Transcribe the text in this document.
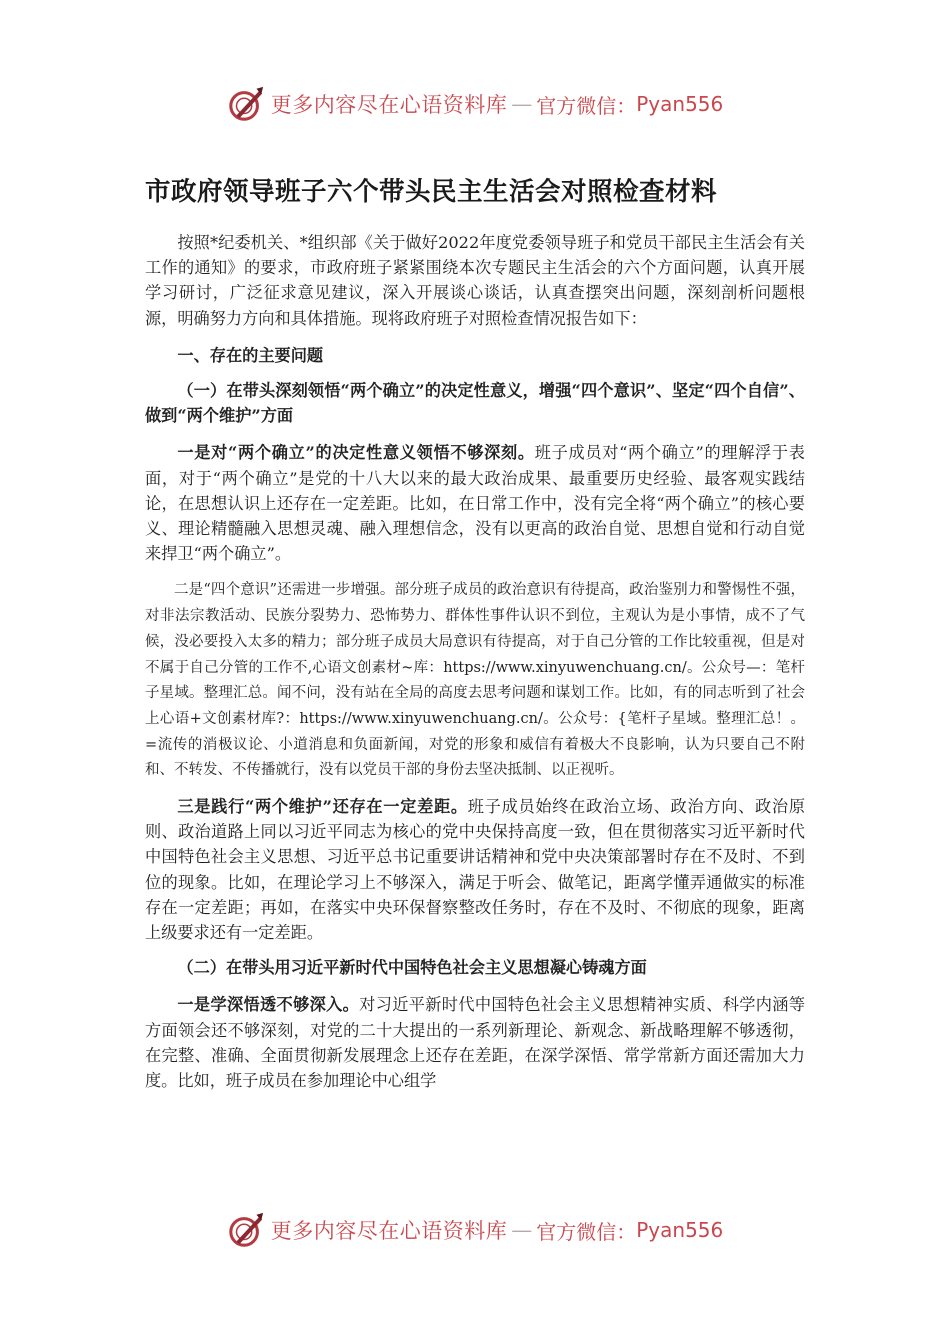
更多内容尽在心语资料库 — 官方微信： Pyan556
市政府领导班子六个带头民主生活会对照检查材料

按照*纪委机关、*组织部《关于做好2022年度党委领导班子和党员干部民主生活会有关工作的通知》的要求，市政府班子紧紧围绕本次专题民主生活会的六个方面问题，认真开展学习研讨，广泛征求意见建议，深入开展谈心谈话，认真查摆突出问题，深刻剖析问题根源，明确努力方向和具体措施。现将政府班子对照检查情况报告如下：

一、存在的主要问题

（一）在带头深刻领悟“两个确立”的决定性意义，增强“四个意识”、坚定“四个自信”、做到“两个维护”方面

一是对“两个确立”的决定性意义领悟不够深刻。班子成员对“两个确立”的理解浮于表面，对于“两个确立”是党的十八大以来的最大政治成果、最重要历史经验、最客观实践结论，在思想认识上还存在一定差距。比如，在日常工作中，没有完全将“两个确立”的核心要义、理论精髓融入思想灵魂、融入理想信念，没有以更高的政治自觉、思想自觉和行动自觉来捍卫“两个确立”。

二是“四个意识”还需进一步增强。部分班子成员的政治意识有待提高，政治鉴别力和警惕性不强，对非法宗教活动、民族分裂势力、恐怖势力、群体性事件认识不到位，主观认为是小事情，成不了气候，没必要投入太多的精力；部分班子成员大局意识有待提高，对于自己分管的工作比较重视，但是对不属于自己分管的工作不,心语文创素材~库：https://www.xinyuwenchuang.cn/。公众号—：笔杆子星域。整理汇总。闻不问，没有站在全局的高度去思考问题和谋划工作。比如，有的同志听到了社会上心语+文创素材库?：https://www.xinyuwenchuang.cn/。公众号：{笔杆子星域。整理汇总！。=流传的消极议论、小道消息和负面新闻，对党的形象和威信有着极大不良影响，认为只要自己不附和、不转发、不传播就行，没有以党员干部的身份去坚决抵制、以正视听。

三是践行“两个维护”还存在一定差距。班子成员始终在政治立场、政治方向、政治原则、政治道路上同以习近平同志为核心的党中央保持高度一致，但在贯彻落实习近平新时代中国特色社会主义思想、习近平总书记重要讲话精神和党中央决策部署时存在不及时、不到位的现象。比如，在理论学习上不够深入，满足于听会、做笔记，距离学懂弄通做实的标准存在一定差距；再如，在落实中央环保督察整改任务时，存在不及时、不彻底的现象，距离上级要求还有一定差距。

（二）在带头用习近平新时代中国特色社会主义思想凝心铸魂方面

一是学深悟透不够深入。对习近平新时代中国特色社会主义思想精神实质、科学内涵等方面领会还不够深刻，对党的二十大提出的一系列新理论、新观念、新战略理解不够透彻，在完整、准确、全面贯彻新发展理念上还存在差距，在深学深悟、常学常新方面还需加大力度。比如，班子成员在参加理论中心组学

更多内容尽在心语资料库 — 官方微信： Pyan556
